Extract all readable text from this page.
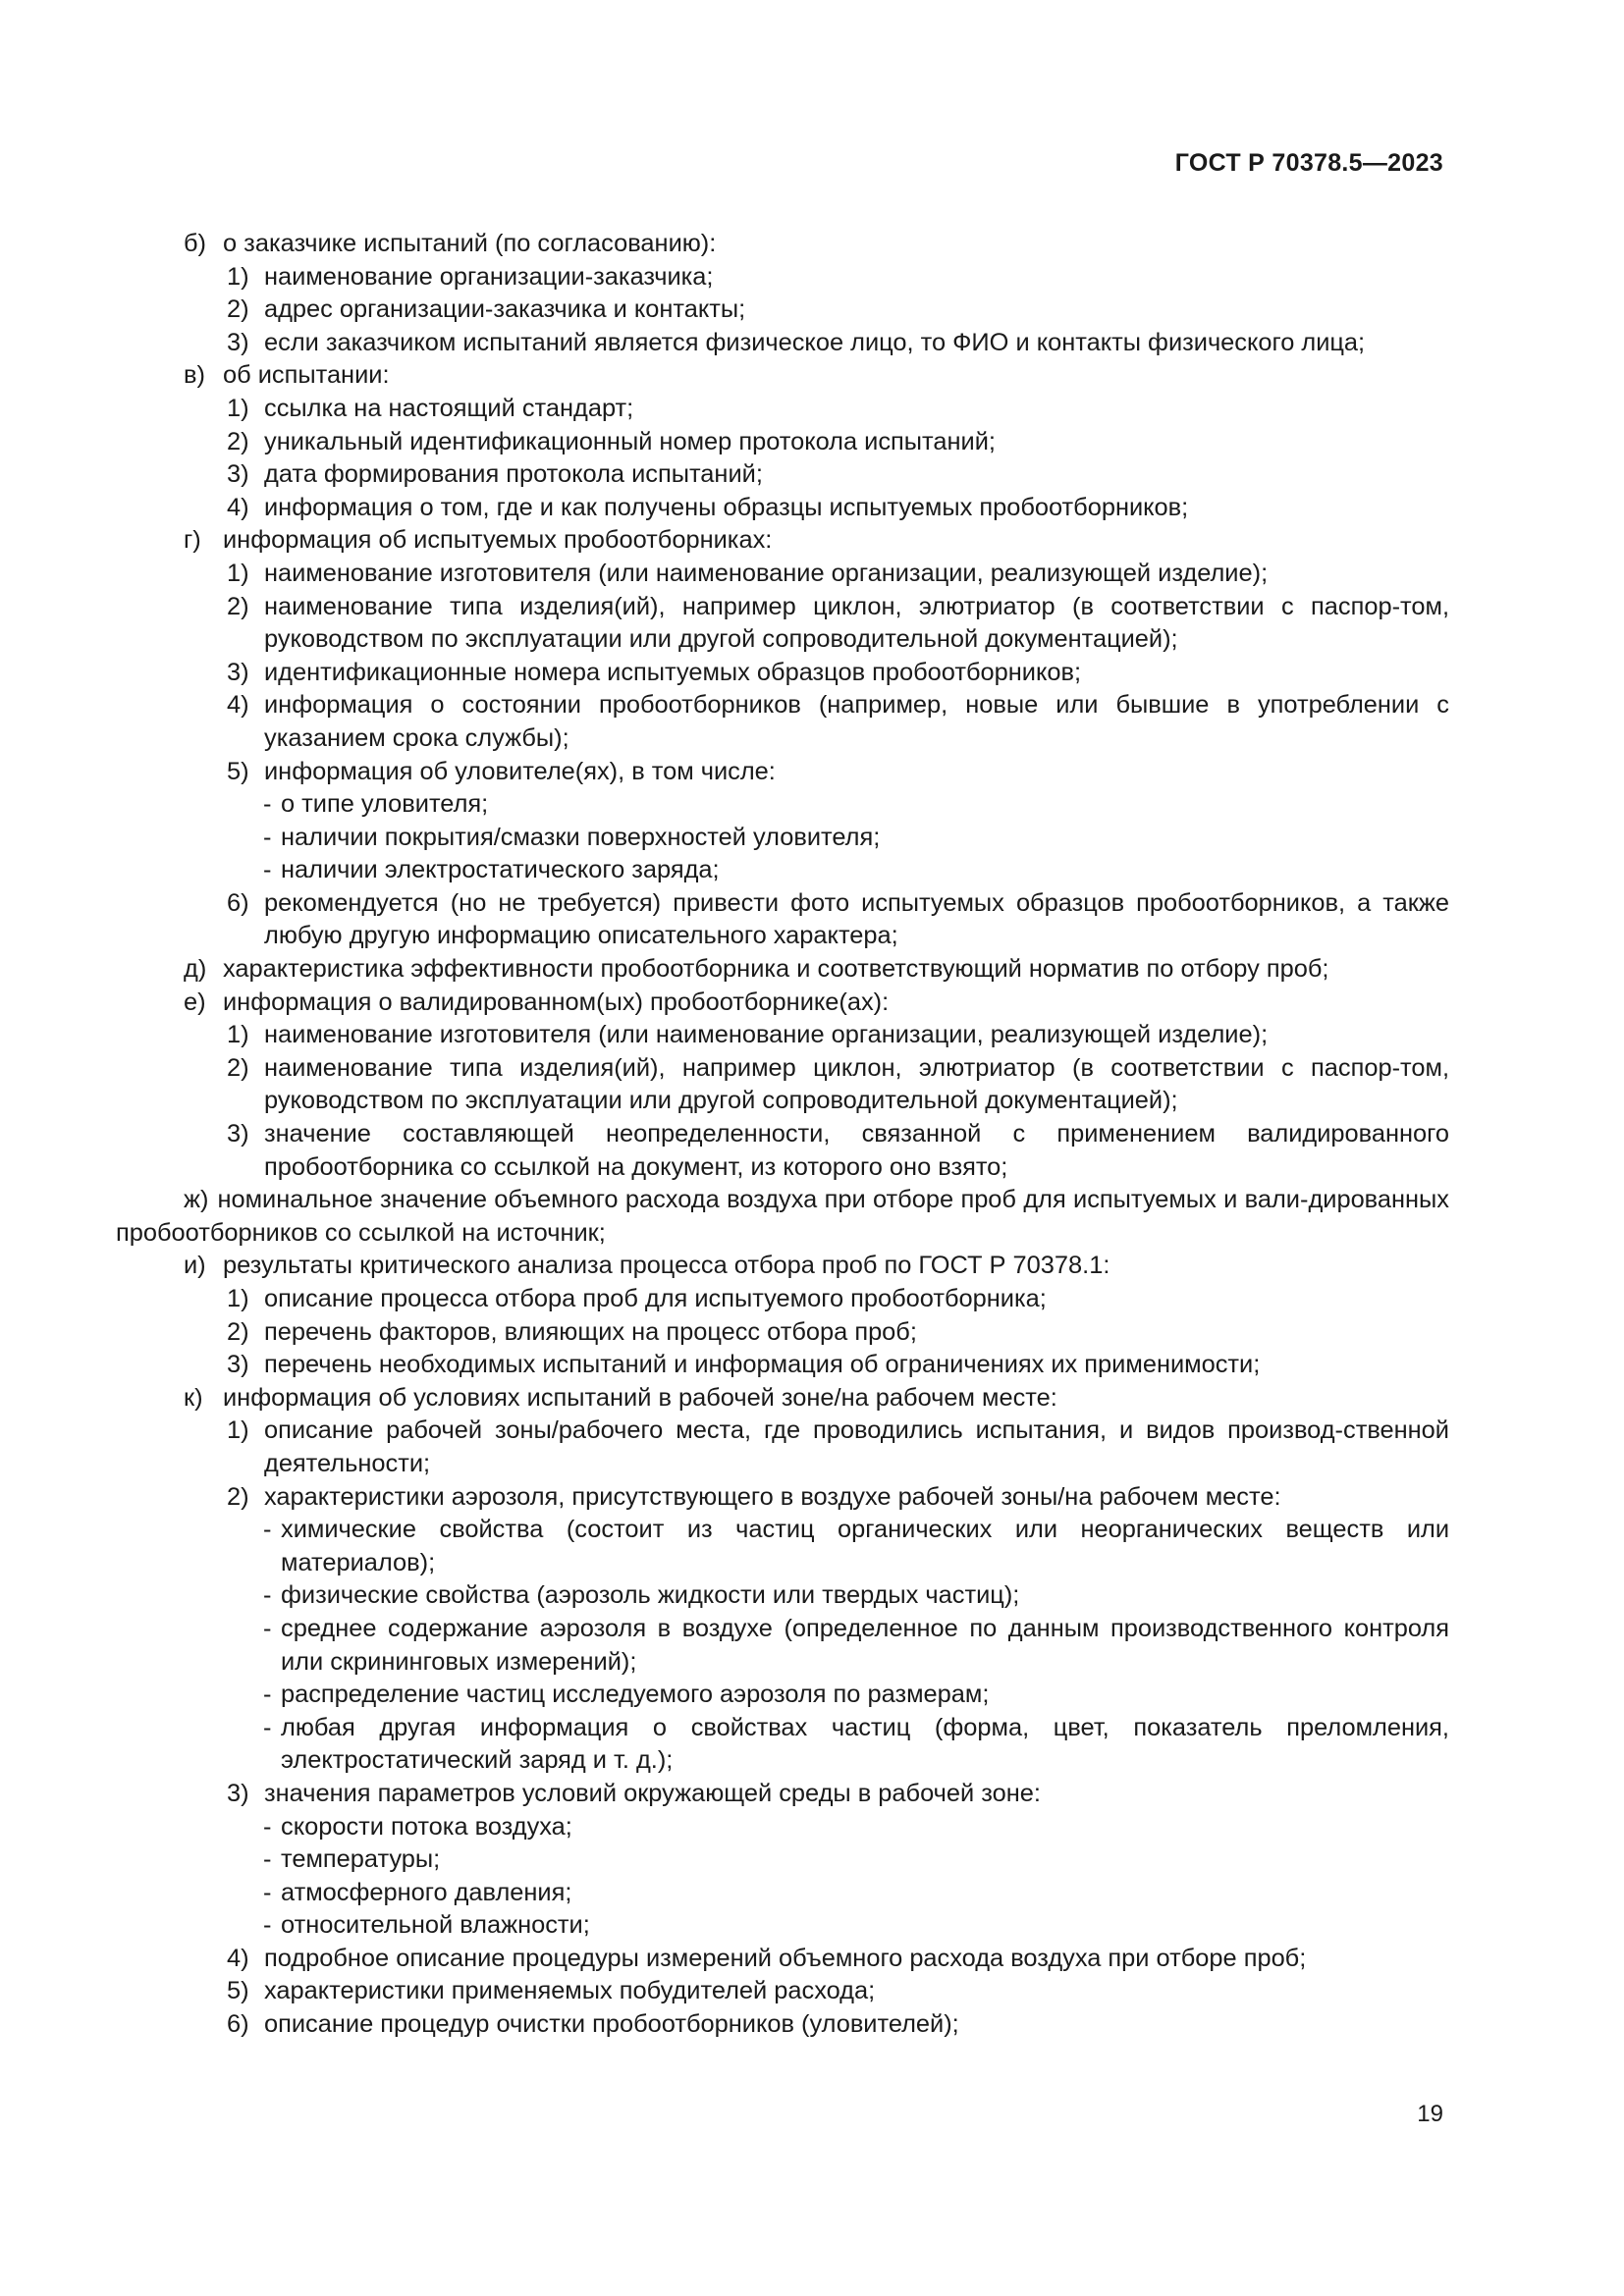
ГОСТ Р 70378.5—2023
б) о заказчике испытаний (по согласованию):
1) наименование организации-заказчика;
2) адрес организации-заказчика и контакты;
3) если заказчиком испытаний является физическое лицо, то ФИО и контакты физического лица;
в) об испытании:
1) ссылка на настоящий стандарт;
2) уникальный идентификационный номер протокола испытаний;
3) дата формирования протокола испытаний;
4) информация о том, где и как получены образцы испытуемых пробоотборников;
г) информация об испытуемых пробоотборниках:
1) наименование изготовителя (или наименование организации, реализующей изделие);
2) наименование типа изделия(ий), например циклон, элютриатор (в соответствии с паспор-том, руководством по эксплуатации или другой сопроводительной документацией);
3) идентификационные номера испытуемых образцов пробоотборников;
4) информация о состоянии пробоотборников (например, новые или бывшие в употреблении с указанием срока службы);
5) информация об уловителе(ях), в том числе:
- о типе уловителя;
- наличии покрытия/смазки поверхностей уловителя;
- наличии электростатического заряда;
6) рекомендуется (но не требуется) привести фото испытуемых образцов пробоотборников, а также любую другую информацию описательного характера;
д) характеристика эффективности пробоотборника и соответствующий норматив по отбору проб;
е) информация о валидированном(ых) пробоотборнике(ах):
1) наименование изготовителя (или наименование организации, реализующей изделие);
2) наименование типа изделия(ий), например циклон, элютриатор (в соответствии с паспор-том, руководством по эксплуатации или другой сопроводительной документацией);
3) значение составляющей неопределенности, связанной с применением валидированного пробоотборника со ссылкой на документ, из которого оно взято;
ж) номинальное значение объемного расхода воздуха при отборе проб для испытуемых и вали-дированных пробоотборников со ссылкой на источник;
и) результаты критического анализа процесса отбора проб по ГОСТ Р 70378.1:
1) описание процесса отбора проб для испытуемого пробоотборника;
2) перечень факторов, влияющих на процесс отбора проб;
3) перечень необходимых испытаний и информация об ограничениях их применимости;
к) информация об условиях испытаний в рабочей зоне/на рабочем месте:
1) описание рабочей зоны/рабочего места, где проводились испытания, и видов производ-ственной деятельности;
2) характеристики аэрозоля, присутствующего в воздухе рабочей зоны/на рабочем месте:
- химические свойства (состоит из частиц органических или неорганических веществ или материалов);
- физические свойства (аэрозоль жидкости или твердых частиц);
- среднее содержание аэрозоля в воздухе (определенное по данным производственного контроля или скрининговых измерений);
- распределение частиц исследуемого аэрозоля по размерам;
- любая другая информация о свойствах частиц (форма, цвет, показатель преломления, электростатический заряд и т. д.);
3) значения параметров условий окружающей среды в рабочей зоне:
- скорости потока воздуха;
- температуры;
- атмосферного давления;
- относительной влажности;
4) подробное описание процедуры измерений объемного расхода воздуха при отборе проб;
5) характеристики применяемых побудителей расхода;
6) описание процедур очистки пробоотборников (уловителей);
19
